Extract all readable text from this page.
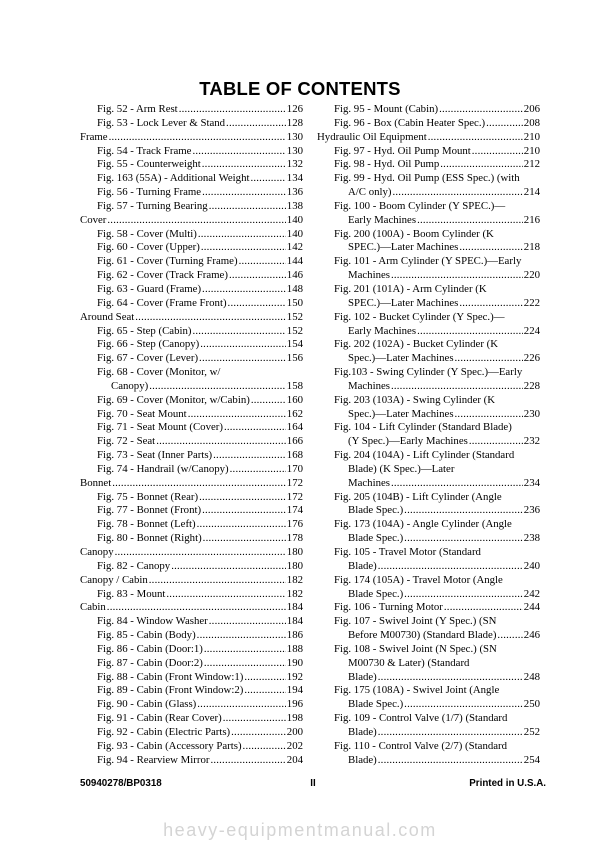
TABLE OF CONTENTS
Fig. 52 - Arm Rest .....	126
Fig. 53 - Lock Lever & Stand .....	128
Frame .....	130
Fig. 54 - Track Frame .....	130
Fig. 55 - Counterweight .....	132
Fig. 163 (55A) - Additional Weight .....	134
Fig. 56 - Turning Frame .....	136
Fig. 57 - Turning Bearing .....	138
Cover .....	140
Fig. 58 - Cover (Multi) .....	140
Fig. 60 - Cover (Upper) .....	142
Fig. 61 - Cover (Turning Frame) .....	144
Fig. 62 - Cover (Track Frame) .....	146
Fig. 63 - Guard (Frame) .....	148
Fig. 64 - Cover (Frame Front) .....	150
Around Seat .....	152
Fig. 65 - Step (Cabin) .....	152
Fig. 66 - Step (Canopy) .....	154
Fig. 67 - Cover (Lever) .....	156
Fig. 68 - Cover (Monitor, w/
Canopy) .....	158
Fig. 69 - Cover (Monitor, w/Cabin) .....	160
Fig. 70 - Seat Mount .....	162
Fig. 71 - Seat Mount (Cover) .....	164
Fig. 72 - Seat .....	166
Fig. 73 - Seat (Inner Parts) .....	168
Fig. 74 - Handrail (w/Canopy) .....	170
Bonnet .....	172
Fig. 75 - Bonnet (Rear) .....	172
Fig. 77 - Bonnet (Front) .....	174
Fig. 78 - Bonnet (Left) .....	176
Fig. 80 - Bonnet (Right) .....	178
Canopy .....	180
Fig. 82 - Canopy .....	180
Canopy / Cabin .....	182
Fig. 83 - Mount .....	182
Cabin .....	184
Fig. 84 - Window Washer .....	184
Fig. 85 - Cabin (Body) .....	186
Fig. 86 - Cabin (Door:1) .....	188
Fig. 87 - Cabin (Door:2) .....	190
Fig. 88 - Cabin (Front Window:1) .....	192
Fig. 89 - Cabin (Front Window:2) .....	194
Fig. 90 - Cabin (Glass) .....	196
Fig. 91 - Cabin (Rear Cover) .....	198
Fig. 92 - Cabin (Electric Parts) .....	200
Fig. 93 - Cabin (Accessory Parts) .....	202
Fig. 94 - Rearview Mirror .....	204
Fig. 95 - Mount (Cabin) .....	206
Fig. 96 - Box (Cabin Heater Spec.) .....	208
Hydraulic Oil Equipment .....	210
Fig. 97 - Hyd. Oil Pump Mount .....	210
Fig. 98 - Hyd. Oil Pump .....	212
Fig. 99 - Hyd. Oil Pump (ESS Spec.) (with
A/C only) .....	214
Fig. 100 - Boom Cylinder (Y SPEC.)—
Early Machines .....	216
Fig. 200 (100A) - Boom Cylinder (K
SPEC.)—Later Machines .....	218
Fig. 101 - Arm Cylinder (Y SPEC.)—Early
Machines .....	220
Fig. 201 (101A) - Arm Cylinder (K
SPEC.)—Later Machines .....	222
Fig. 102 - Bucket Cylinder (Y Spec.)—
Early Machines .....	224
Fig. 202 (102A) - Bucket Cylinder (K
Spec.)—Later Machines .....	226
Fig.103 - Swing Cylinder (Y Spec.)—Early
Machines .....	228
Fig. 203 (103A) - Swing Cylinder (K
Spec.)—Later Machines .....	230
Fig. 104 - Lift Cylinder (Standard Blade)
(Y Spec.)—Early Machines .....	232
Fig. 204 (104A) - Lift Cylinder (Standard
Blade) (K Spec.)—Later
Machines .....	234
Fig. 205 (104B) - Lift Cylinder (Angle
Blade Spec.) .....	236
Fig. 173 (104A) - Angle Cylinder (Angle
Blade Spec.) .....	238
Fig. 105 - Travel Motor (Standard
Blade) .....	240
Fig. 174 (105A) - Travel Motor (Angle
Blade Spec.) .....	242
Fig. 106 - Turning Motor .....	244
Fig. 107 - Swivel Joint (Y Spec.) (SN
Before M00730) (Standard Blade) .....	246
Fig. 108 - Swivel Joint (N Spec.) (SN
M00730 & Later) (Standard
Blade) .....	248
Fig. 175 (108A) - Swivel Joint (Angle
Blade Spec.) .....	250
Fig. 109 - Control Valve (1/7) (Standard
Blade) .....	252
Fig. 110 - Control Valve (2/7) (Standard
Blade) .....	254
50940278/BP0318	II	Printed in U.S.A.
heavy-equipmentmanual.com
